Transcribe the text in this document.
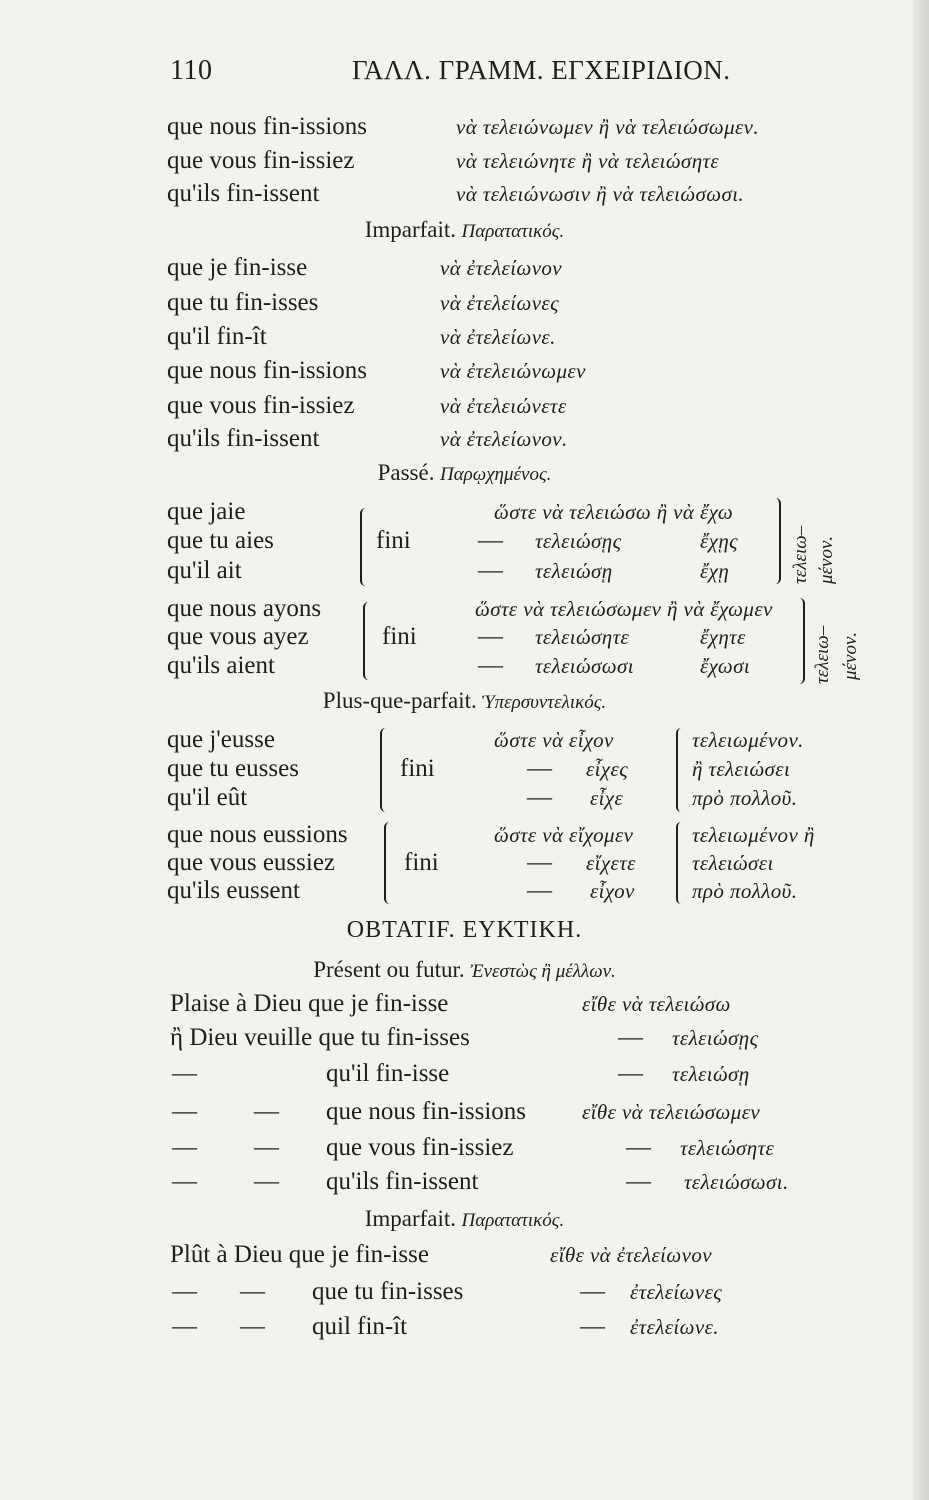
110	ΓΑΛΛ. ΓΡΑΜΜ. ΕΓΧΕΙΡΙΔΙΟΝ.
que nous fin-issions	νὰ τελειώνωμεν ἢ νὰ τελειώσωμεν.
que vous fin-issiez	νὰ τελειώνητε ἢ νὰ τελειώσητε
qu'ils fin-issent	νὰ τελειώνωσιν ἢ νὰ τελειώσωσι.
Imparfait. Παρατατικός.
que je fin-isse	νὰ ἐτελείωνον
que tu fin-isses	νὰ ἐτελείωνες
qu'il fin-ît	νὰ ἐτελείωνε.
que nous fin-issions	νὰ ἐτελειώνωμεν
que vous fin-issiez	νὰ ἐτελειώνετε
qu'ils fin-issent	νὰ ἐτελείωνον.
Passé. Παρῳχημένος.
que jaie	ὥστε νὰ τελειώσω ἢ νὰ ἔχω
que tu aies	fini	— τελειώσῃς	ἔχῃς
qu'il ait	— τελειώσῃ	ἔχῃ
que nous ayons	ὥστε νὰ τελειώσωμεν ἢ νὰ ἔχωμεν
que vous ayez	fini — τελειώσητε	ἔχητε
qu'ils aient	— τελειώσωσι	ἔχωσι
τελειω– μένον.
τελειω– μένον.
Plus-que-parfait. Ὑπερσυντελικός.
que j'eusse	ὥστε νὰ εἶχον	τελειωμένον.
que tu eusses	fini	— εἶχες	ἢ τελειώσει
qu'il eût	— εἶχε	πρὸ πολλοῦ.
que nous eussions	ὥστε νὰ εἴχομεν	τελειωμένον ἢ
que vous eussiez	fini	— εἴχετε	τελειώσει
qu'ils eussent	— εἶχον	πρὸ πολλοῦ.
OBTATIF. ΕΥΚΤΙΚΗ.
Présent ou futur. Ἐνεστὼς ἢ μέλλων.
Plaise à Dieu que je fin-isse	εἴθε νὰ τελειώσω
ἢ Dieu veuille que tu fin-isses	— τελειώσῃς
—	qu'il fin-isse	— τελειώσῃ
— — que nous fin-issions	εἴθε νὰ τελειώσωμεν
— — que vous fin-issiez	— τελειώσητε
— — qu'ils fin-issent	— τελειώσωσι.
Imparfait. Παρατατικός.
Plût à Dieu que je fin-isse	εἴθε νὰ ἐτελείωνον
— — que tu fin-isses	— ἐτελείωνες
— — quil fin-ît	— ἐτελείωνε.
